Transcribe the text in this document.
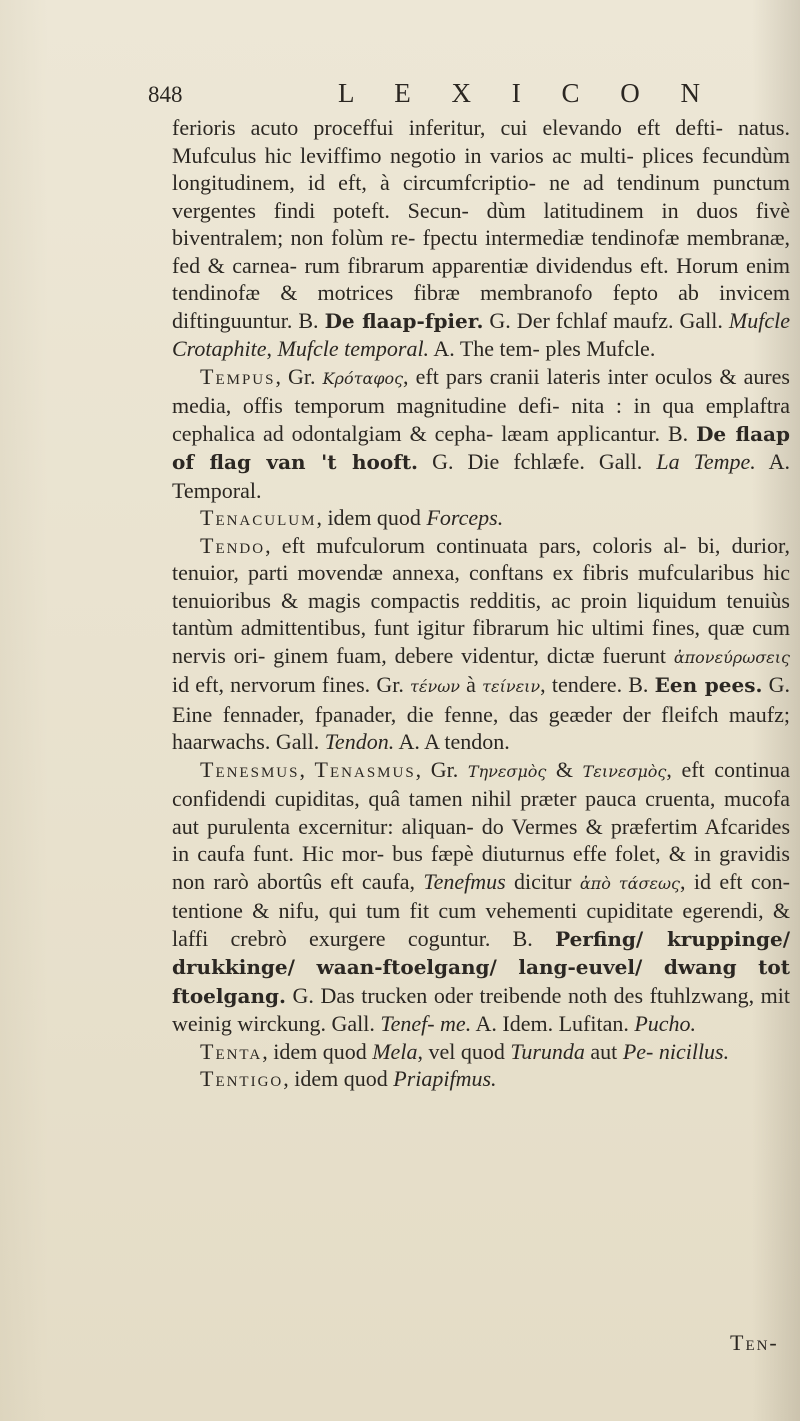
848	L E X I C O N

ferioris acuto proceffui inferitur, cui elevando eft defti- natus. Mufculus hic leviffimo negotio in varios ac multi- plices fecundùm longitudinem, id eft, à circumfcriptio- ne ad tendinum punctum vergentes findi poteft. Secun- dùm latitudinem in duos fivè biventralem; non folùm re- fpectu intermediæ tendinofæ membranæ, fed & carnea- rum fibrarum apparentiæ dividendus eft. Horum enim tendinofæ & motrices fibræ membranofo fepto ab invicem diftinguuntur. B. De flaap-fpier. G. Der fchlaf maufz. Gall. Mufcle Crotaphite, Mufcle temporal. A. The tem- ples Mufcle.

Tempus, Gr. Κρόταφος, eft pars cranii lateris inter oculos & aures media, offis temporum magnitudine defi- nita : in qua emplaftra cephalica ad odontalgiam & cepha- læam applicantur. B. De flaap of flag van 't hooft. G. Die fchlæfe. Gall. La Tempe. A. Temporal.

Tenaculum, idem quod Forceps.

Tendo, eft mufculorum continuata pars, coloris al- bi, durior, tenuior, parti movendæ annexa, conftans ex fibris mufcularibus hic tenuioribus & magis compactis redditis, ac proin liquidum tenuiùs tantùm admittentibus, funt igitur fibrarum hic ultimi fines, quæ cum nervis ori- ginem fuam, debere videntur, dictæ fuerunt ἀπονεύρωσεις id eft, nervorum fines. Gr. τένων à τείνειν, tendere. B. Een pees. G. Eine fennader, fpanader, die fenne, das geæder der fleifch maufz; haarwachs. Gall. Tendon. A. A tendon.

Tenesmus, Tenasmus, Gr. Τηνεσμὸς & Τεινεσμὸς, eft continua confidendi cupiditas, quâ tamen nihil præter pauca cruenta, mucofa aut purulenta excernitur: aliquan- do Vermes & præfertim Afcarides in caufa funt. Hic mor- bus fæpè diuturnus effe folet, & in gravidis non rarò abortûs eft caufa, Tenefmus dicitur ἀπὸ τάσεως, id eft con- tentione & nifu, qui tum fit cum vehementi cupiditate egerendi, & laffi crebrò exurgere coguntur. B. Perfing/ kruppinge/ drukkinge/ waan-ftoelgang/ lang-euvel/ dwang tot ftoelgang. G. Das trucken oder treibende noth des ftuhlzwang, mit weinig wirckung. Gall. Tenef- me. A. Idem. Lufitan. Pucho.

Tenta, idem quod Mela, vel quod Turunda aut Pe- nicillus.

Tentigo, idem quod Priapifmus.

Ten-
